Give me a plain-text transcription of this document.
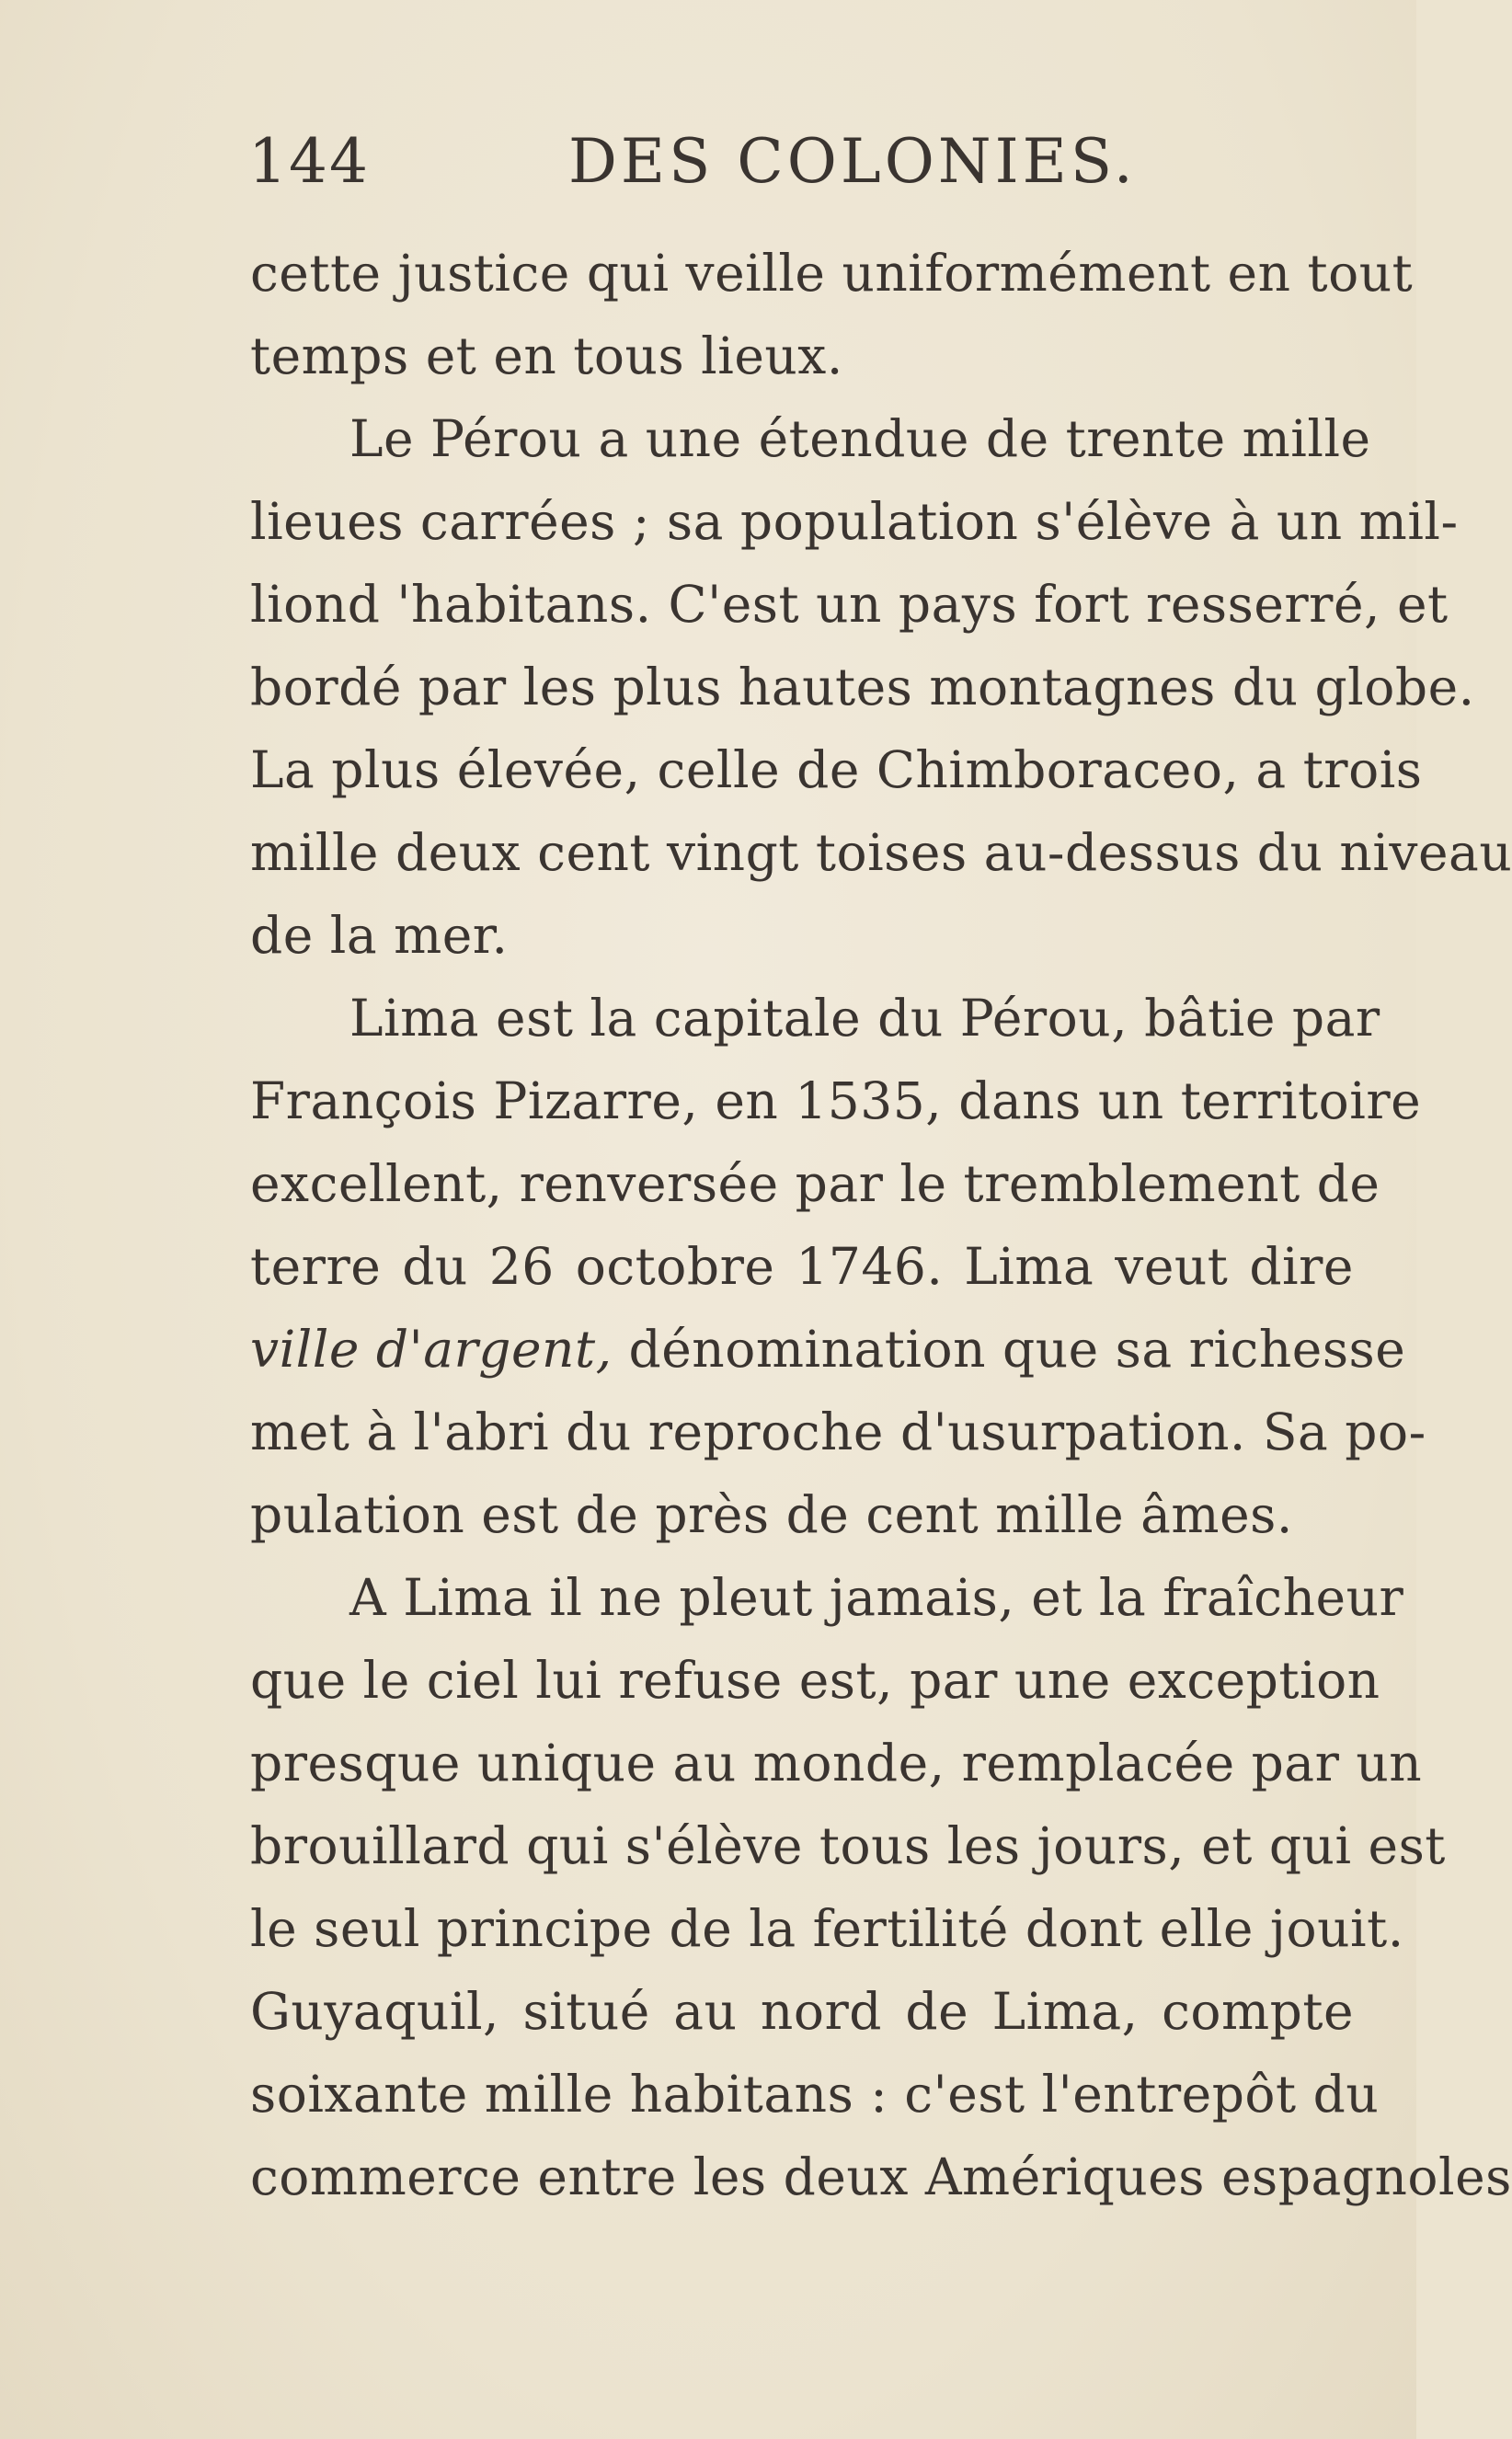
144	DES COLONIES.
cette justice qui veille uniformément en tout
temps et en tous lieux.
Le Pérou a une étendue de trente mille
lieues carrées ; sa population s'élève à un mil-
liond 'habitans. C'est un pays fort resserré, et
bordé par les plus hautes montagnes du globe.
La plus élevée, celle de Chimboraceo, a trois
mille deux cent vingt toises au-dessus du niveau
de la mer.
Lima est la capitale du Pérou, bâtie par
François Pizarre, en 1535, dans un territoire
excellent, renversée par le tremblement de
terre du 26 octobre 1746. Lima veut dire
ville d'argent, dénomination que sa richesse
met à l'abri du reproche d'usurpation. Sa po-
pulation est de près de cent mille âmes.
A Lima il ne pleut jamais, et la fraîcheur
que le ciel lui refuse est, par une exception
presque unique au monde, remplacée par un
brouillard qui s'élève tous les jours, et qui est
le seul principe de la fertilité dont elle jouit.
Guyaquil, situé au nord de Lima, compte
soixante mille habitans : c'est l'entrepôt du
commerce entre les deux Amériques espagnoles
